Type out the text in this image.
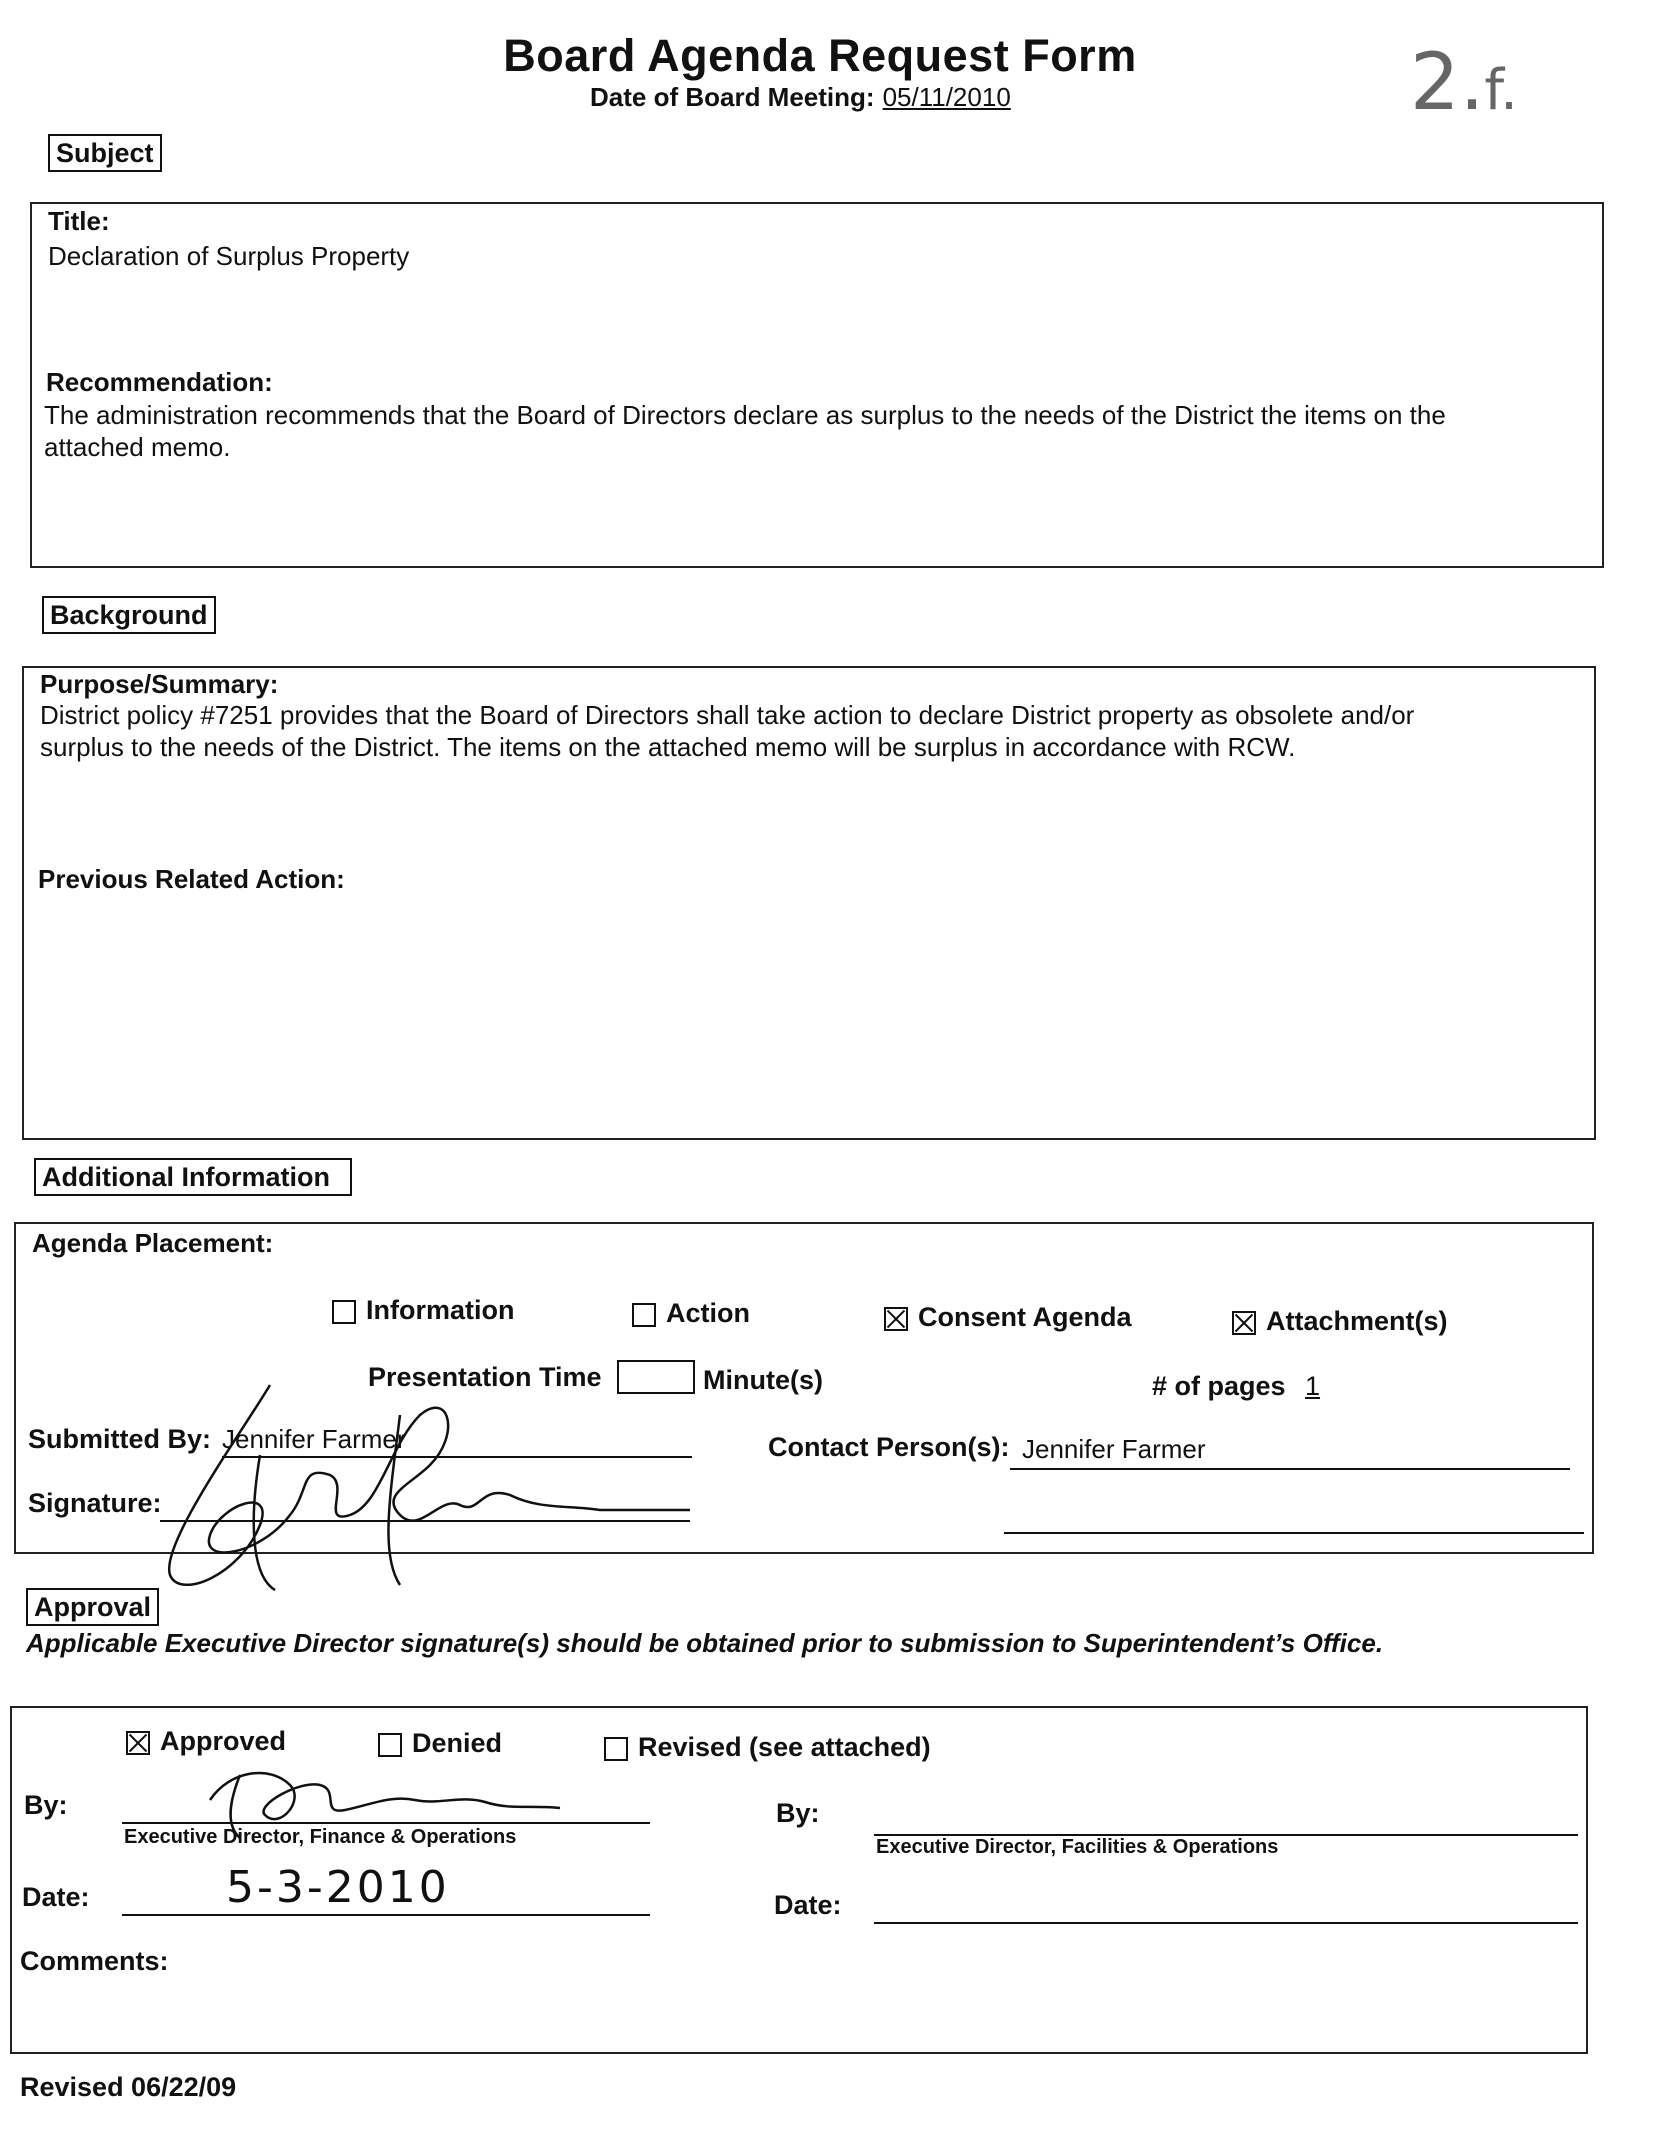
Board Agenda Request Form
Date of Board Meeting: 05/11/2010	2.f.
Subject
Title:
Declaration of Surplus Property
Recommendation:
The administration recommends that the Board of Directors declare as surplus to the needs of the District the items on the
attached memo.
Background
Purpose/Summary:
District policy #7251 provides that the Board of Directors shall take action to declare District property as obsolete and/or
surplus to the needs of the District. The items on the attached memo will be surplus in accordance with RCW.
Previous Related Action:
Additional Information
Agenda Placement:
Information	Action	Consent Agenda	Attachment(s)
Presentation Time	Minute(s)	# of pages 1
Submitted By: Jennifer Farmer	Contact Person(s): Jennifer Farmer
Signature:
Approval
Applicable Executive Director signature(s) should be obtained prior to submission to Superintendent’s Office.
Approved	Denied	Revised (see attached)
By:
Executive Director, Finance & Operations
By:
Executive Director, Facilities & Operations
Date:	5-3-2010	Date:
Comments:
Revised 06/22/09
